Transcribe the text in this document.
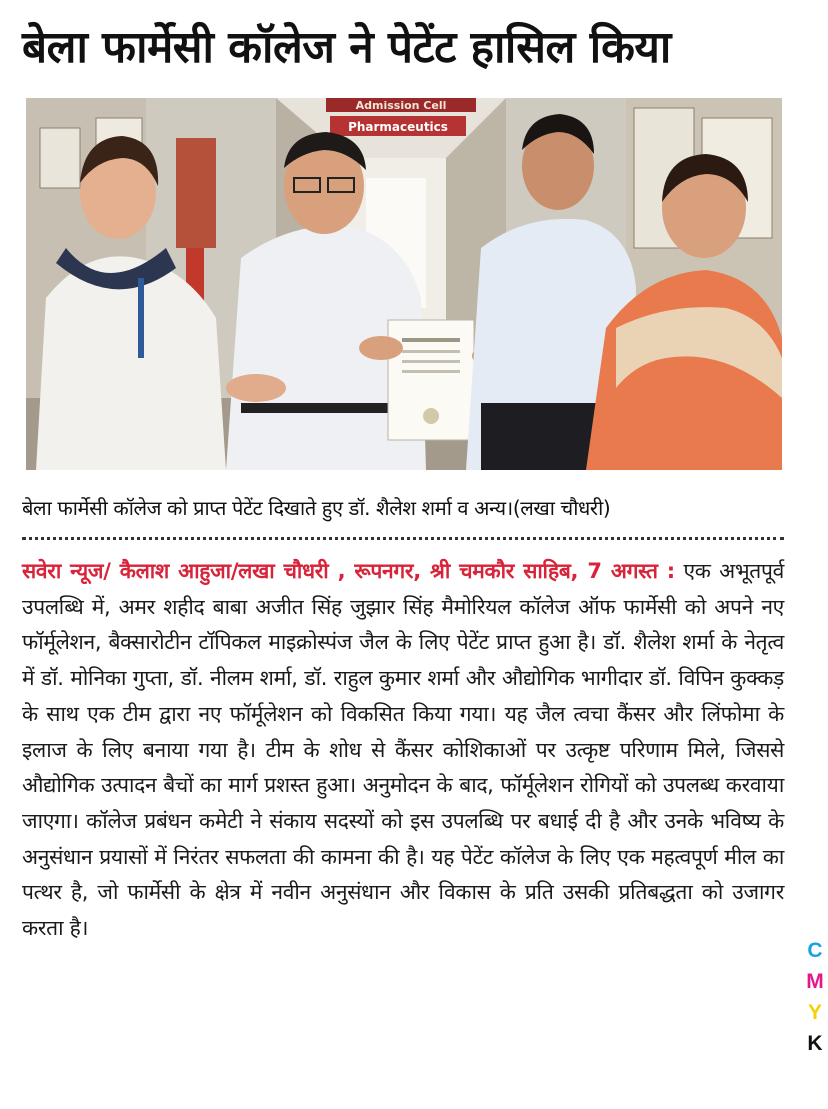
बेला फार्मेसी कॉलेज ने पेटेंट हासिल किया
Admission Cell
Pharmaceutics
बेला फार्मेसी कॉलेज को प्राप्त पेटेंट दिखाते हुए डॉ. शैलेश शर्मा व अन्य।(लखा चौधरी)
सवेरा न्यूज/ कैलाश आहुजा/लखा चौधरी , रूपनगर, श्री चमकौर साहिब, 7 अगस्त : एक अभूतपूर्व उपलब्धि में, अमर शहीद बाबा अजीत सिंह जुझार सिंह मैमोरियल कॉलेज ऑफ फार्मेसी को अपने नए फॉर्मूलेशन, बैक्सारोटीन टॉपिकल माइक्रोस्पंज जैल के लिए पेटेंट प्राप्त हुआ है। डॉ. शैलेश शर्मा के नेतृत्व में डॉ. मोनिका गुप्ता, डॉ. नीलम शर्मा, डॉ. राहुल कुमार शर्मा और औद्योगिक भागीदार डॉ. विपिन कुक्कड़ के साथ एक टीम द्वारा नए फॉर्मूलेशन को विकसित किया गया। यह जैल त्वचा कैंसर और लिंफोमा के इलाज के लिए बनाया गया है। टीम के शोध से कैंसर कोशिकाओं पर उत्कृष्ट परिणाम मिले, जिससे औद्योगिक उत्पादन बैचों का मार्ग प्रशस्त हुआ। अनुमोदन के बाद, फॉर्मूलेशन रोगियों को उपलब्ध करवाया जाएगा। कॉलेज प्रबंधन कमेटी ने संकाय सदस्यों को इस उपलब्धि पर बधाई दी है और उनके भविष्य के अनुसंधान प्रयासों में निरंतर सफलता की कामना की है। यह पेटेंट कॉलेज के लिए एक महत्वपूर्ण मील का पत्थर है, जो फार्मेसी के क्षेत्र में नवीन अनुसंधान और विकास के प्रति उसकी प्रतिबद्धता को उजागर करता है।
C
M
Y
K
